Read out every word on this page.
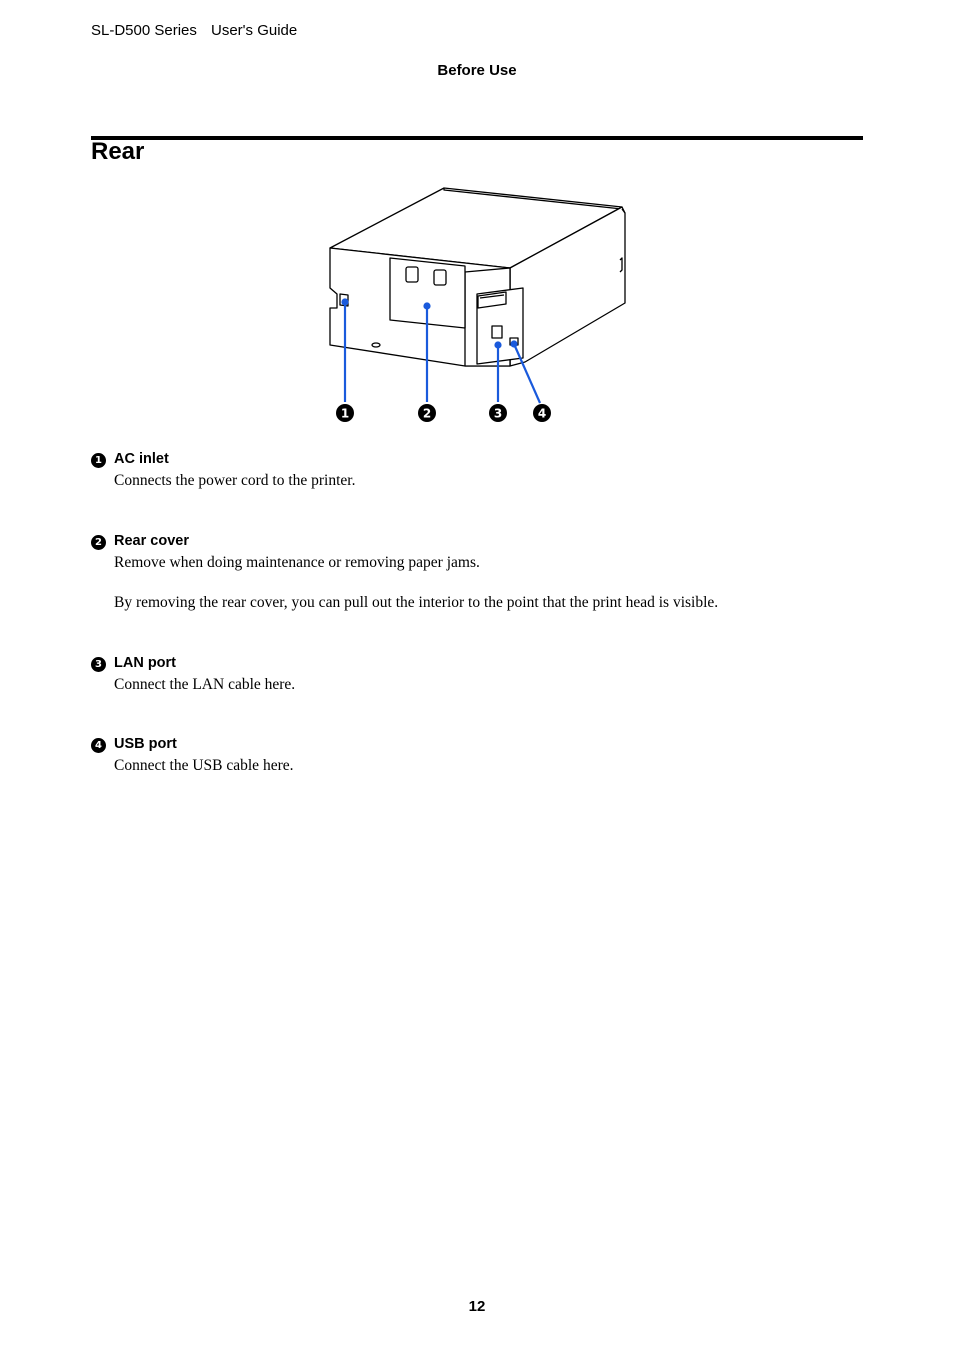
SL-D500 Series User's Guide
Before Use
Rear
1	2	3	4
1 AC inlet
Connects the power cord to the printer.
2 Rear cover
Remove when doing maintenance or removing paper jams.
By removing the rear cover, you can pull out the interior to the point that the print head is visible.
3 LAN port
Connect the LAN cable here.
4 USB port
Connect the USB cable here.
12
